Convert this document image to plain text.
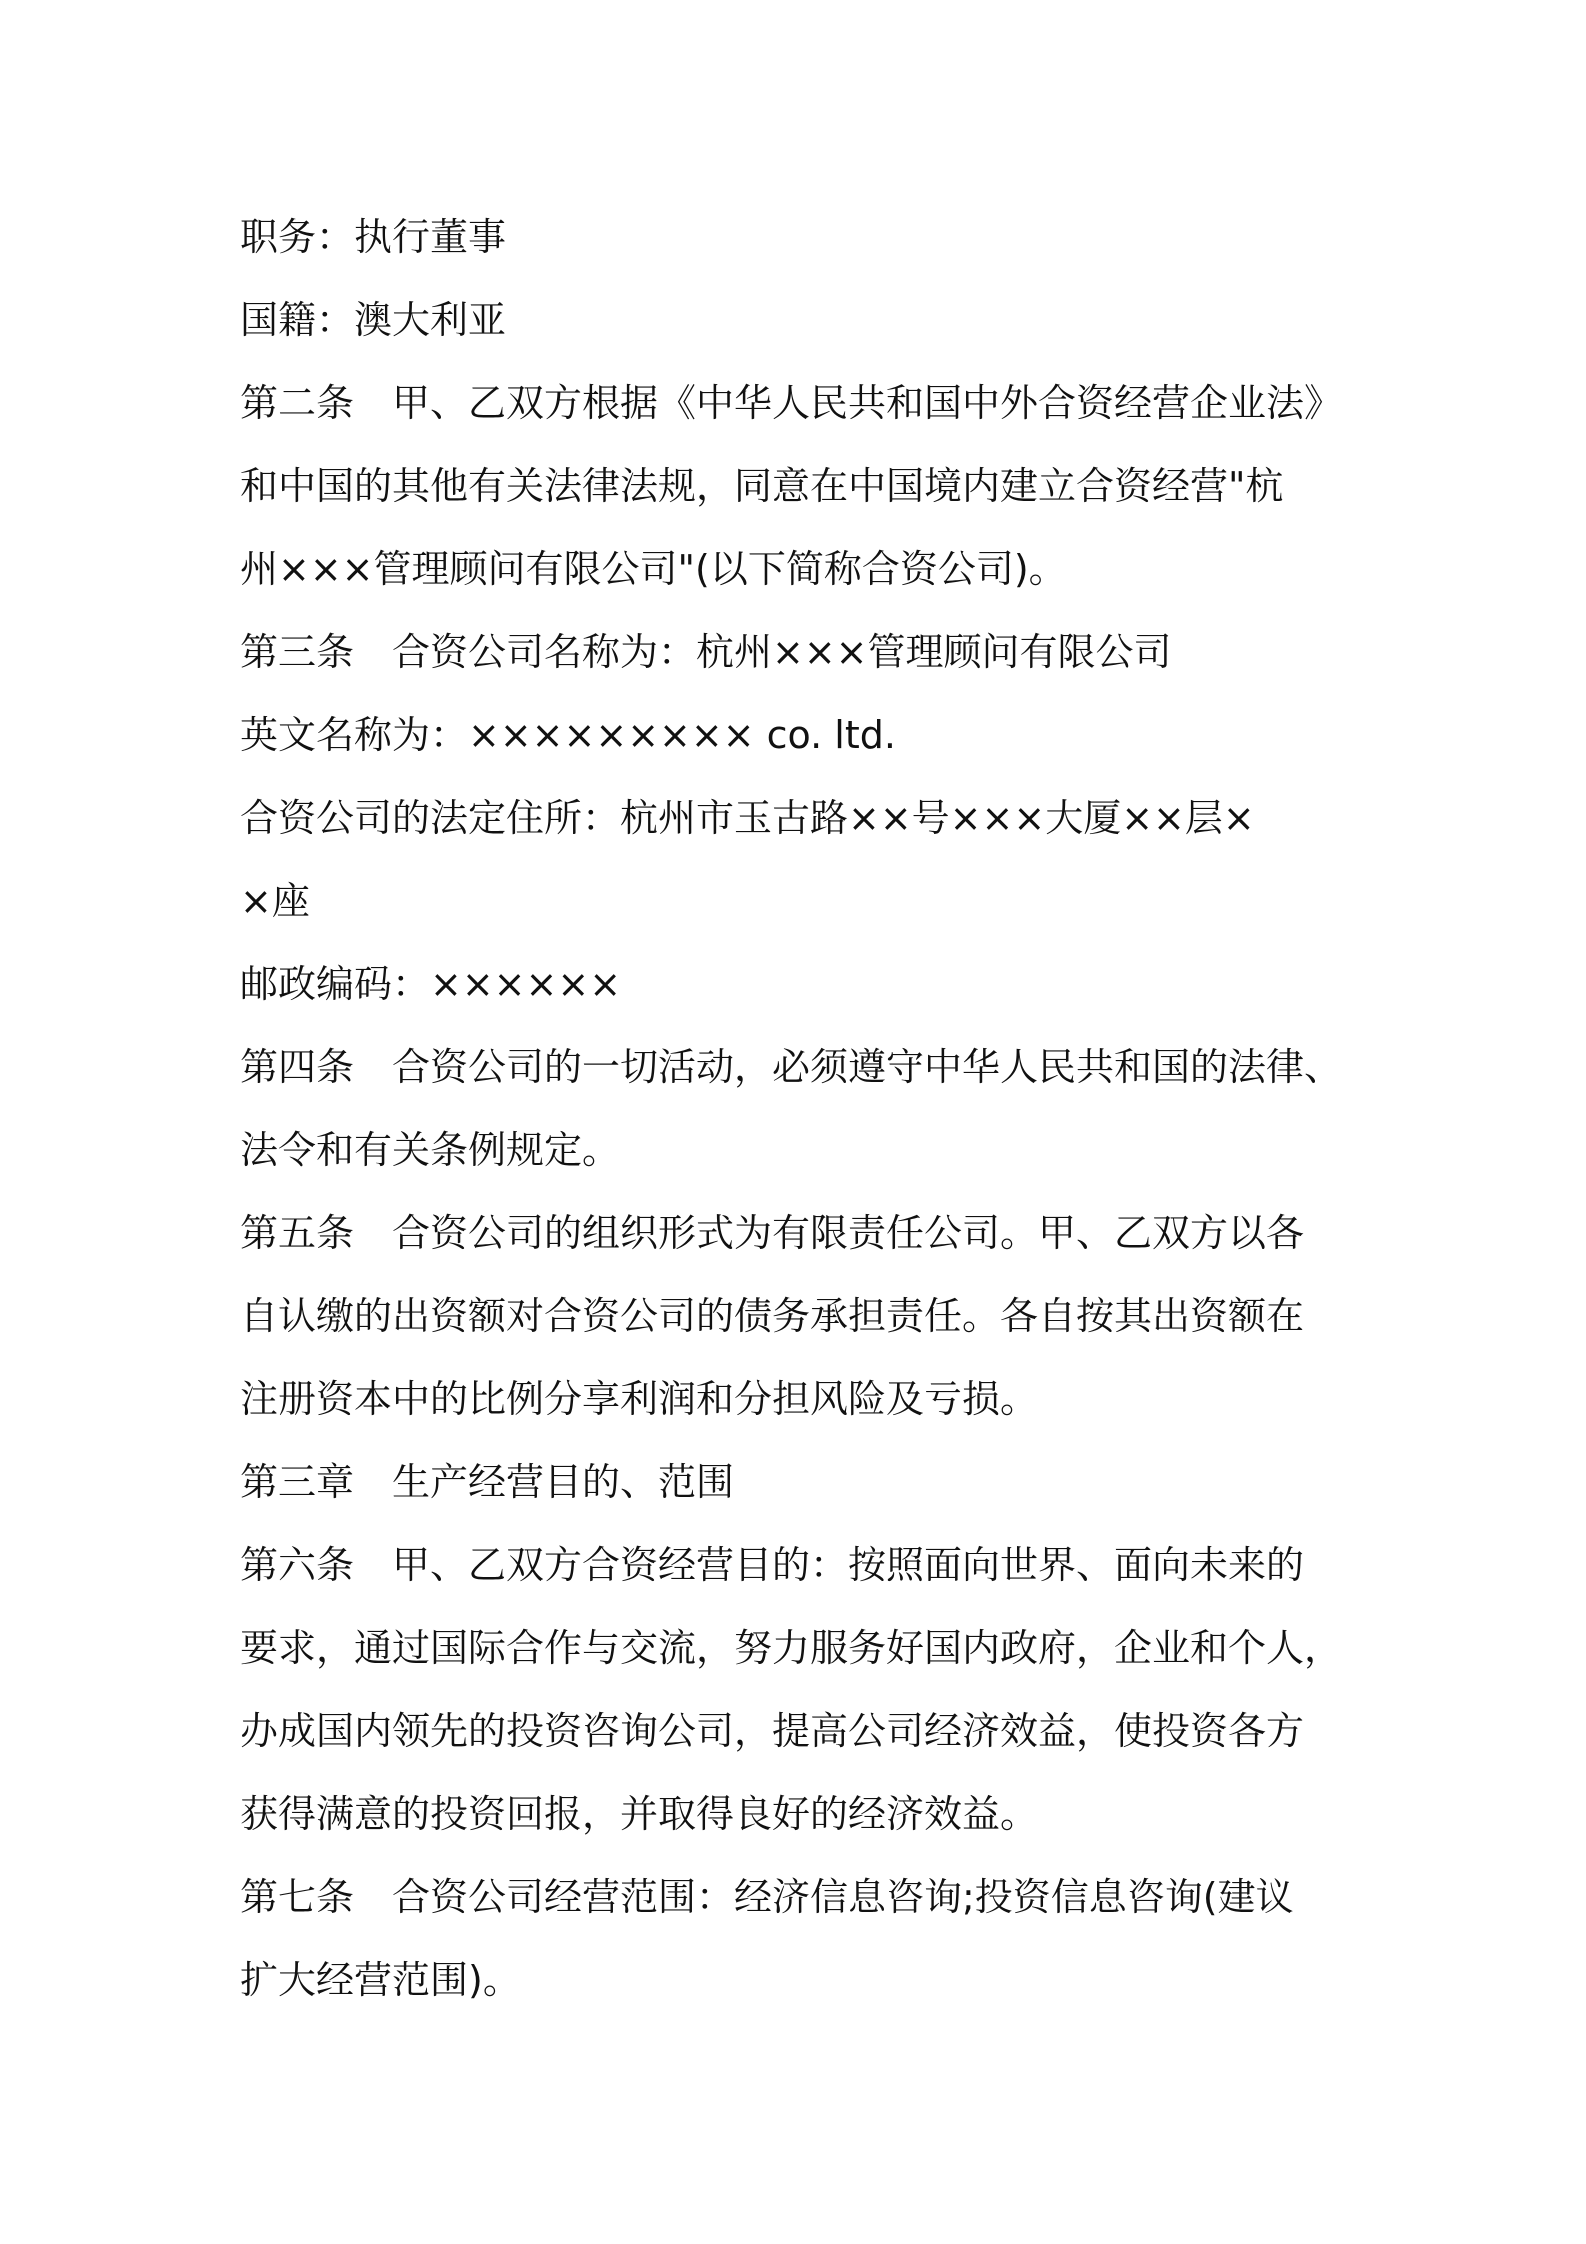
职务：执行董事
国籍：澳大利亚
第二条　甲、乙双方根据《中华人民共和国中外合资经营企业法》
和中国的其他有关法律法规，同意在中国境内建立合资经营"杭
州×××管理顾问有限公司"(以下简称合资公司)。
第三条　合资公司名称为：杭州×××管理顾问有限公司
英文名称为：××××××××× co. ltd.
合资公司的法定住所：杭州市玉古路××号×××大厦××层×
×座
邮政编码：××××××
第四条　合资公司的一切活动，必须遵守中华人民共和国的法律、
法令和有关条例规定。
第五条　合资公司的组织形式为有限责任公司。甲、乙双方以各
自认缴的出资额对合资公司的债务承担责任。各自按其出资额在
注册资本中的比例分享利润和分担风险及亏损。
第三章　生产经营目的、范围
第六条　甲、乙双方合资经营目的：按照面向世界、面向未来的
要求，通过国际合作与交流，努力服务好国内政府，企业和个人，
办成国内领先的投资咨询公司，提高公司经济效益，使投资各方
获得满意的投资回报，并取得良好的经济效益。
第七条　合资公司经营范围：经济信息咨询;投资信息咨询(建议
扩大经营范围)。
